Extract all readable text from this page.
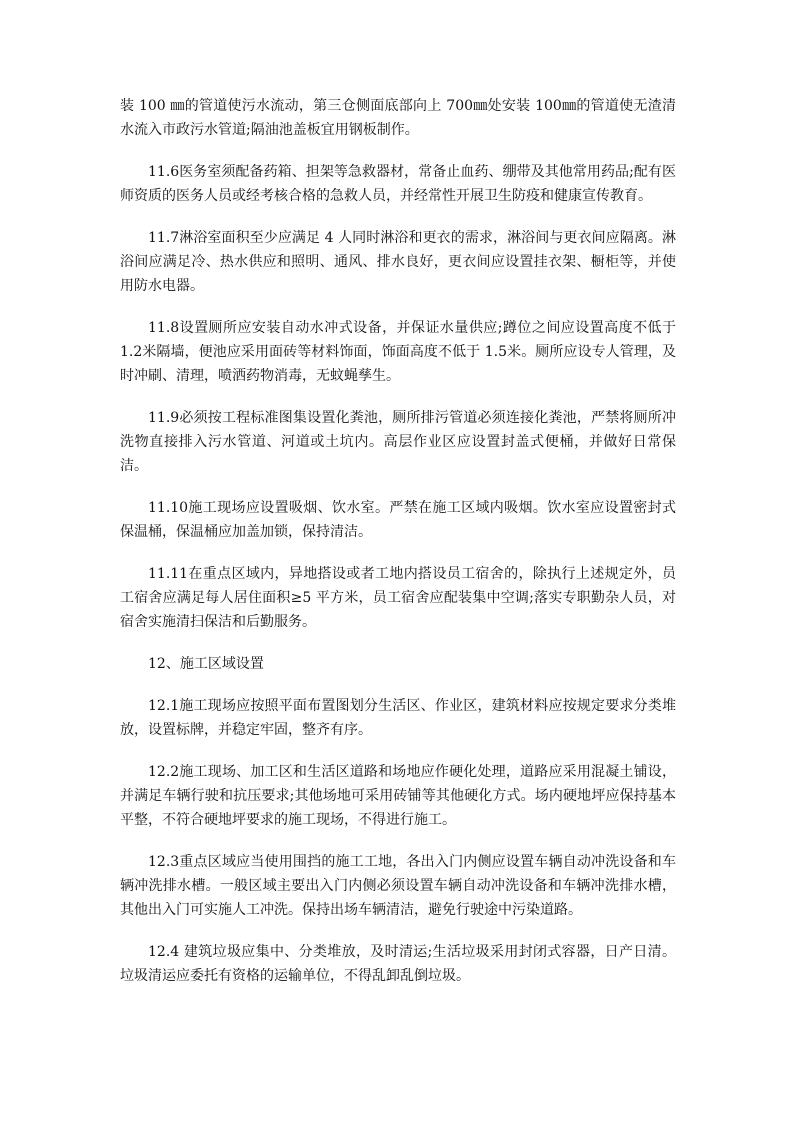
装 100 ㎜的管道使污水流动，第三仓侧面底部向上 700㎜处安装 100㎜的管道使无渣清水流入市政污水管道;隔油池盖板宜用钢板制作。

11.6医务室须配备药箱、担架等急救器材，常备止血药、绷带及其他常用药品;配有医师资质的医务人员或经考核合格的急救人员，并经常性开展卫生防疫和健康宣传教育。

11.7淋浴室面积至少应满足 4 人同时淋浴和更衣的需求，淋浴间与更衣间应隔离。淋浴间应满足冷、热水供应和照明、通风、排水良好，更衣间应设置挂衣架、橱柜等，并使用防水电器。

11.8设置厕所应安装自动水冲式设备，并保证水量供应;蹲位之间应设置高度不低于 1.2米隔墙，便池应采用面砖等材料饰面，饰面高度不低于 1.5米。厕所应设专人管理，及时冲刷、清理，喷洒药物消毒，无蚊蝇孳生。

11.9必须按工程标准图集设置化粪池，厕所排污管道必须连接化粪池，严禁将厕所冲洗物直接排入污水管道、河道或土坑内。高层作业区应设置封盖式便桶，并做好日常保洁。

11.10施工现场应设置吸烟、饮水室。严禁在施工区域内吸烟。饮水室应设置密封式保温桶，保温桶应加盖加锁，保持清洁。

11.11在重点区域内，异地搭设或者工地内搭设员工宿舍的，除执行上述规定外，员工宿舍应满足每人居住面积≥5 平方米，员工宿舍应配装集中空调;落实专职勤杂人员，对宿舍实施清扫保洁和后勤服务。

12、施工区域设置

12.1施工现场应按照平面布置图划分生活区、作业区，建筑材料应按规定要求分类堆放，设置标牌，并稳定牢固，整齐有序。

12.2施工现场、加工区和生活区道路和场地应作硬化处理，道路应采用混凝土铺设，并满足车辆行驶和抗压要求;其他场地可采用砖铺等其他硬化方式。场内硬地坪应保持基本平整，不符合硬地坪要求的施工现场，不得进行施工。

12.3重点区域应当使用围挡的施工工地，各出入门内侧应设置车辆自动冲洗设备和车辆冲洗排水槽。一般区域主要出入门内侧必须设置车辆自动冲洗设备和车辆冲洗排水槽，其他出入门可实施人工冲洗。保持出场车辆清洁，避免行驶途中污染道路。

12.4 建筑垃圾应集中、分类堆放，及时清运;生活垃圾采用封闭式容器，日产日清。垃圾清运应委托有资格的运输单位，不得乱卸乱倒垃圾。
